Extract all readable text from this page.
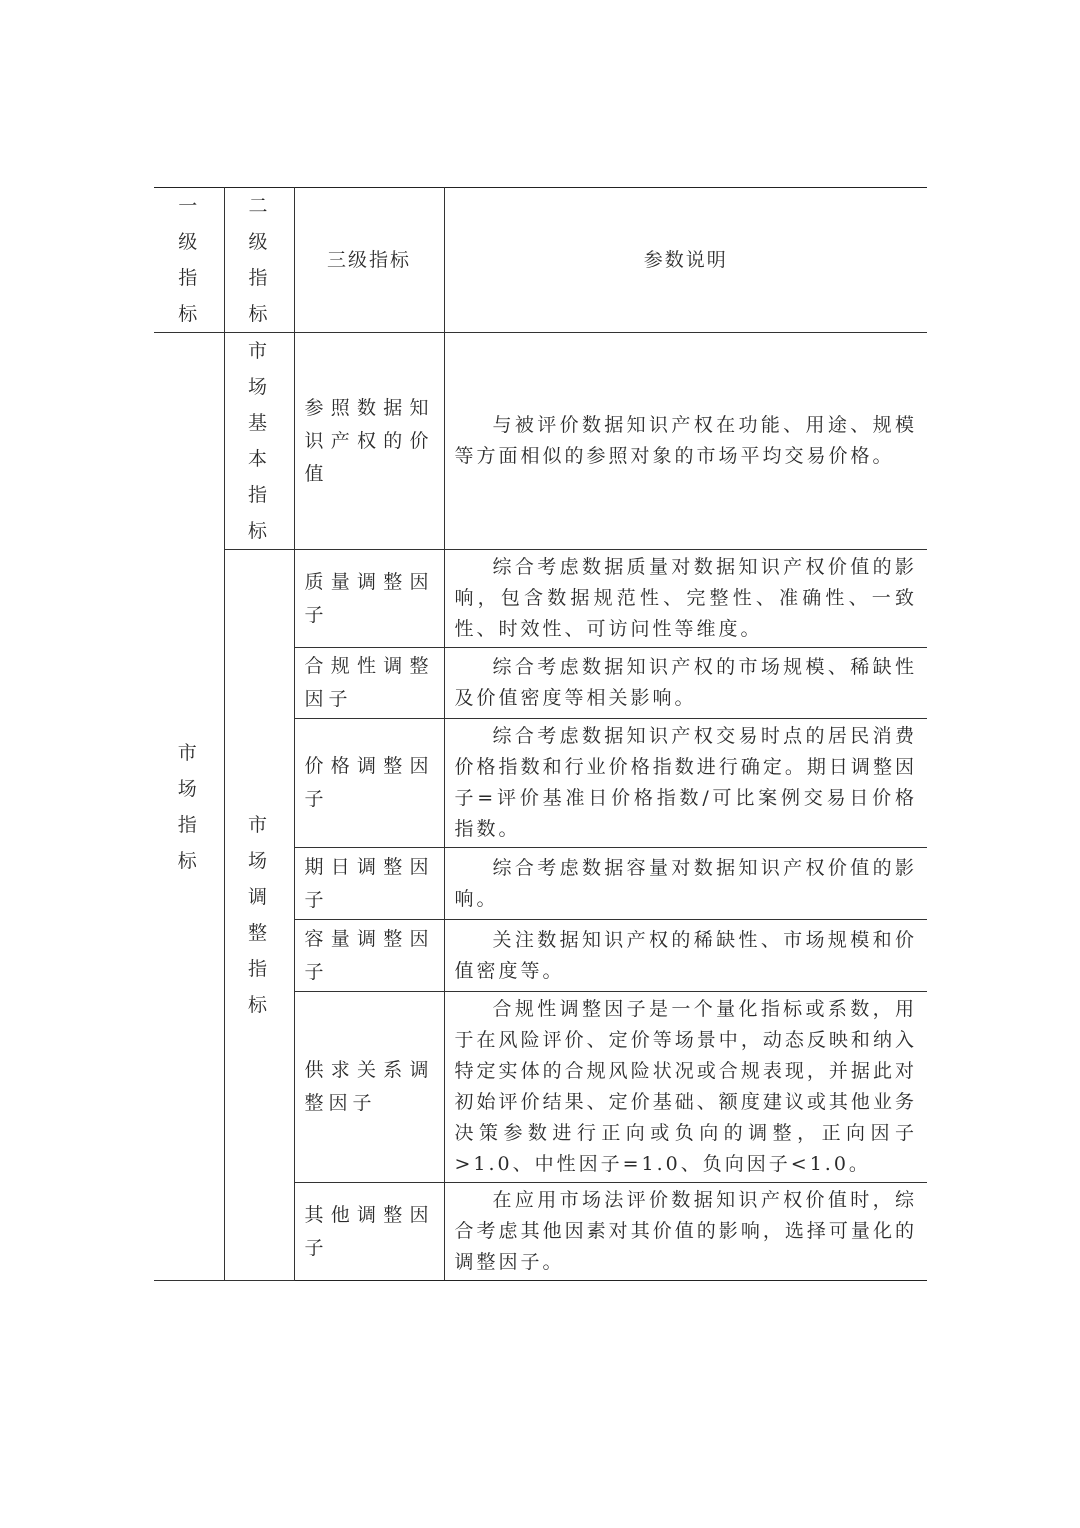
一级指标	二级指标	三级指标	参数说明

市场指标	市场基本指标	参照数据知识产权的价值	与被评价数据知识产权在功能、用途、规模等方面相似的参照对象的市场平均交易价格。

	市场调整指标	质量调整因子	综合考虑数据质量对数据知识产权价值的影响，包含数据规范性、完整性、准确性、一致性、时效性、可访问性等维度。

		合规性调整因子	综合考虑数据知识产权的市场规模、稀缺性及价值密度等相关影响。

		价格调整因子	综合考虑数据知识产权交易时点的居民消费价格指数和行业价格指数进行确定。期日调整因子=评价基准日价格指数/可比案例交易日价格指数。

		期日调整因子	综合考虑数据容量对数据知识产权价值的影响。

		容量调整因子	关注数据知识产权的稀缺性、市场规模和价值密度等。

		供求关系调整因子	合规性调整因子是一个量化指标或系数，用于在风险评价、定价等场景中，动态反映和纳入特定实体的合规风险状况或合规表现，并据此对初始评价结果、定价基础、额度建议或其他业务决策参数进行正向或负向的调整，正向因子>1.0、中性因子=1.0、负向因子<1.0。

		其他调整因子	在应用市场法评价数据知识产权价值时，综合考虑其他因素对其价值的影响，选择可量化的调整因子。
